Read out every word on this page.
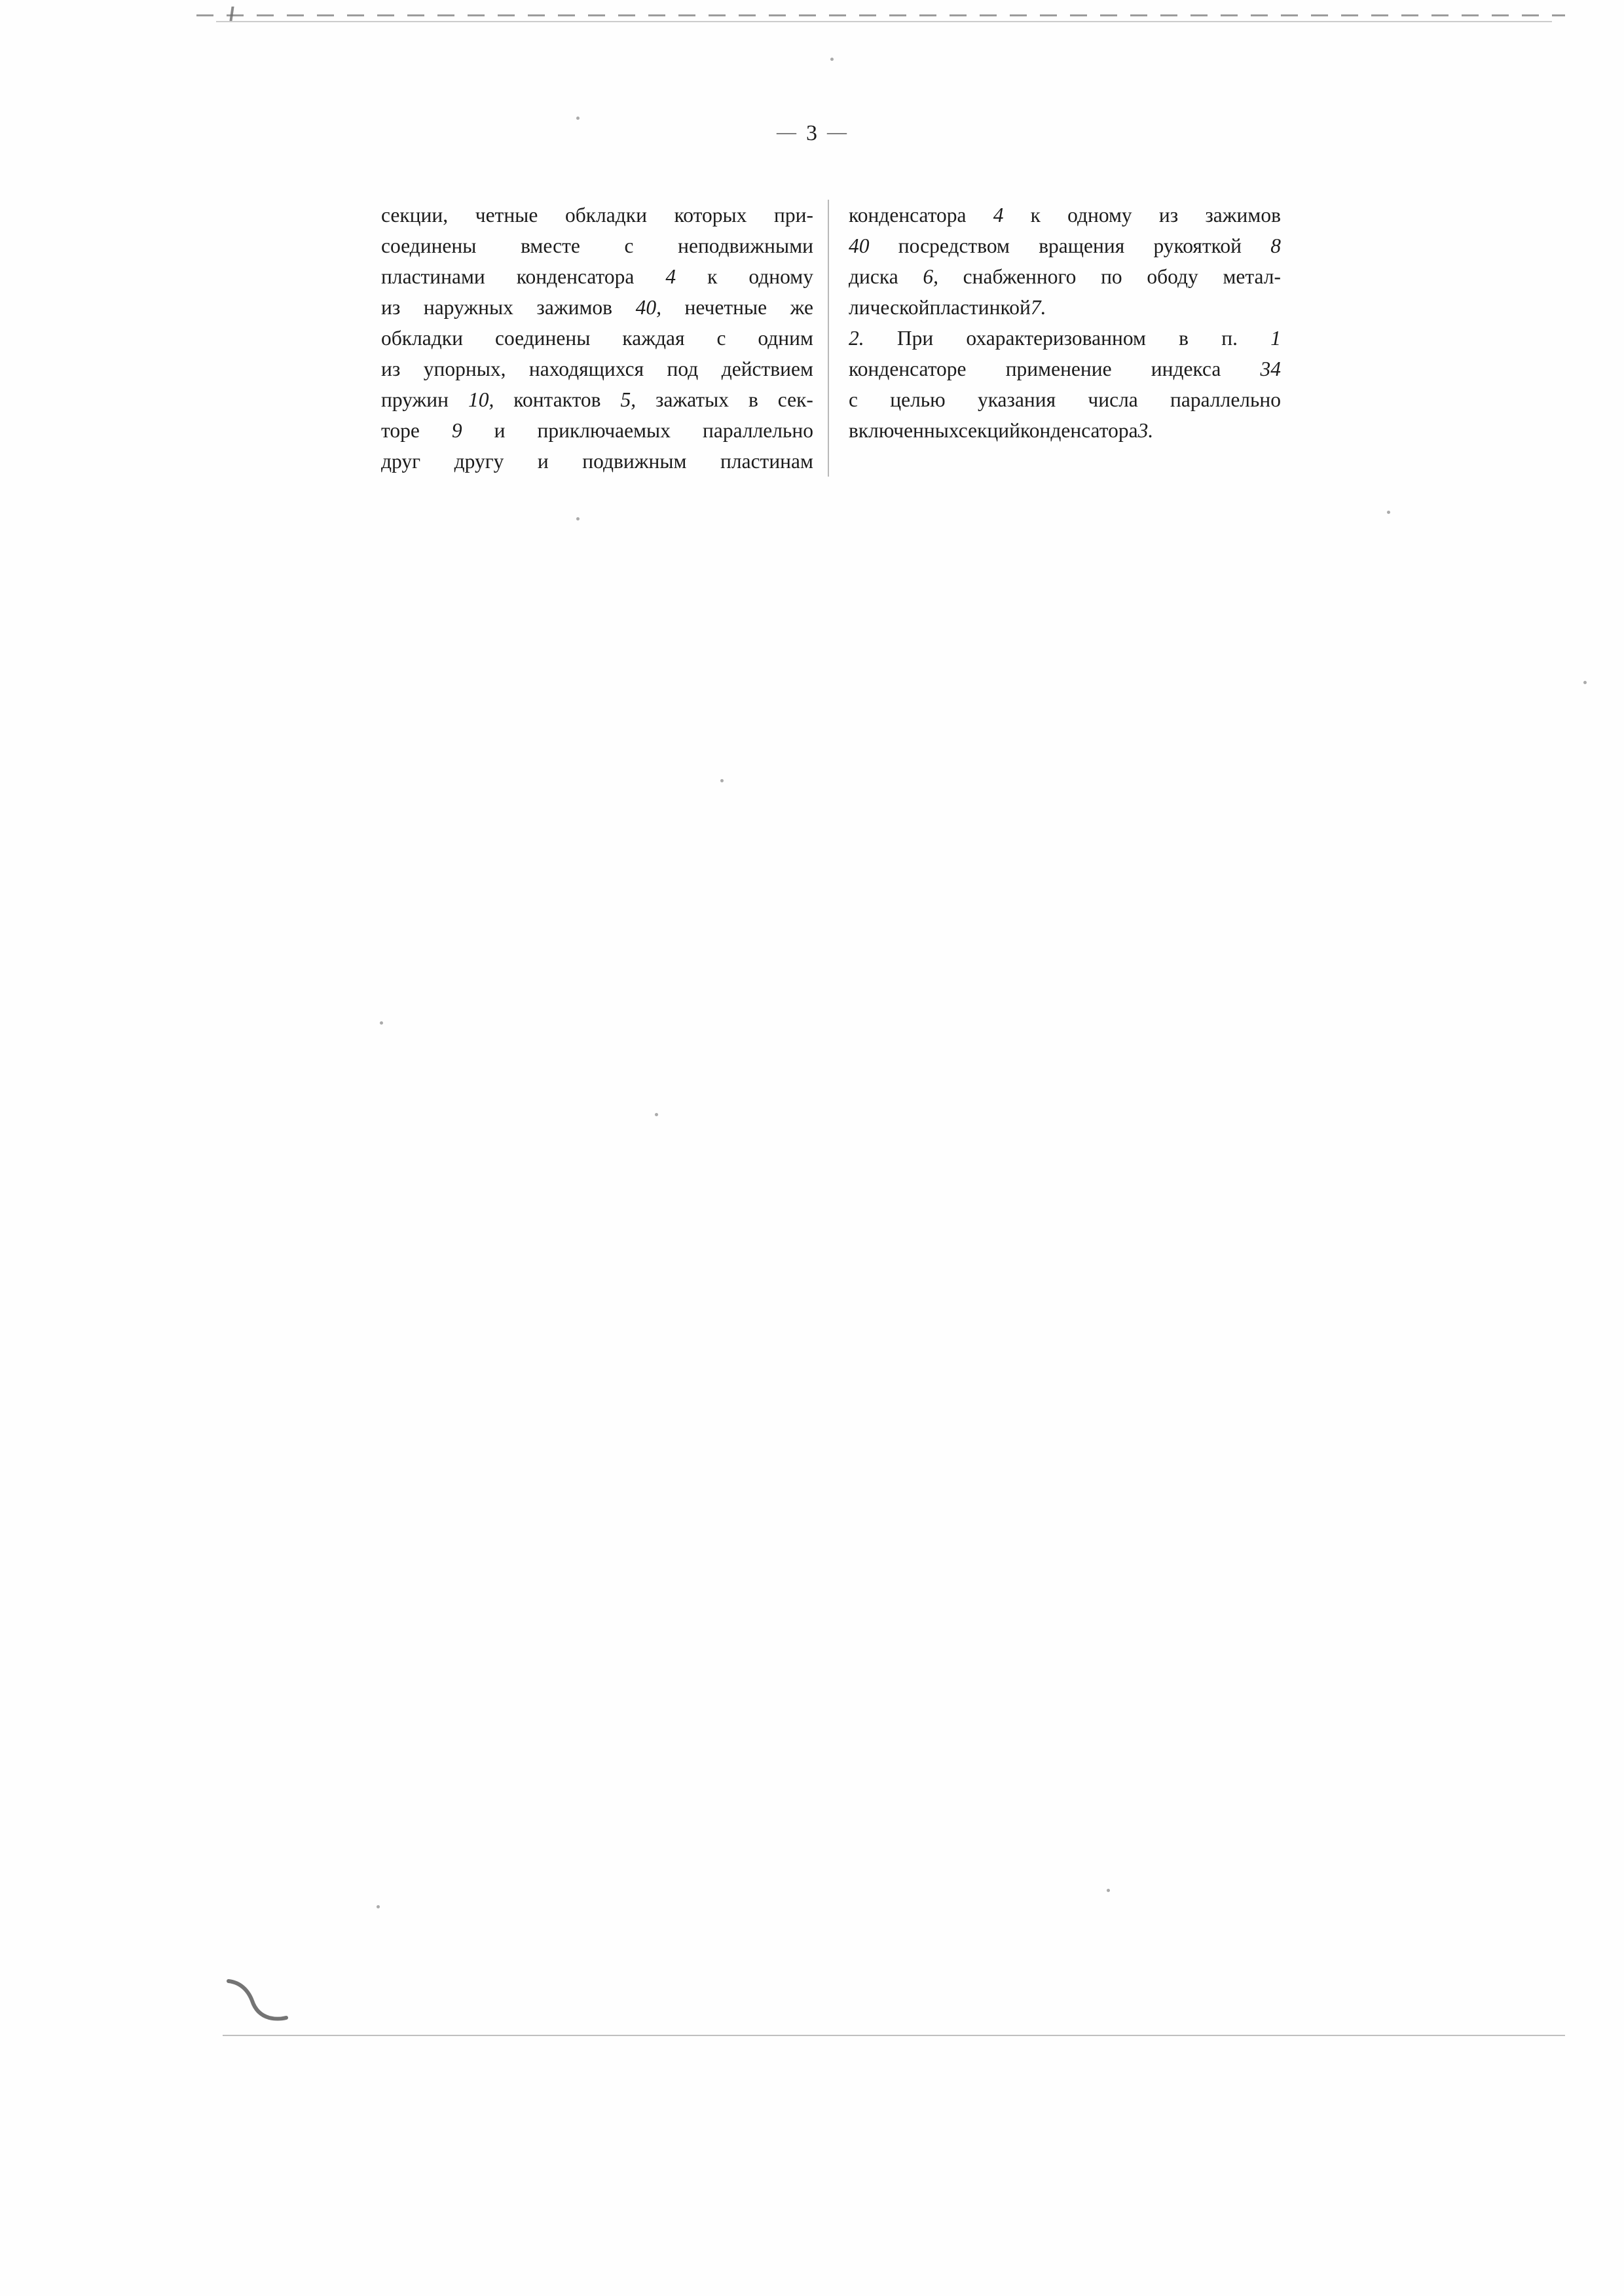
— 3 —

секции, четные обкладки которых при-
соединены вместе с неподвижными
пластинами конденсатора 4 к одному
из наружных зажимов 40, нечетные же
обкладки соединены каждая с одним
из упорных, находящихся под действием
пружин 10, контактов 5, зажатых в сек-
торе 9 и приключаемых параллельно
друг другу и подвижным пластинам

конденсатора 4 к одному из зажимов
40 посредством вращения рукояткой 8
диска 6, снабженного по ободу метал-
лическойпластинкой7.

2. При охарактеризованном в п. 1
конденсаторе применение индекса 34
с целью указания числа параллельно
включенныхсекцийконденсатора3.
